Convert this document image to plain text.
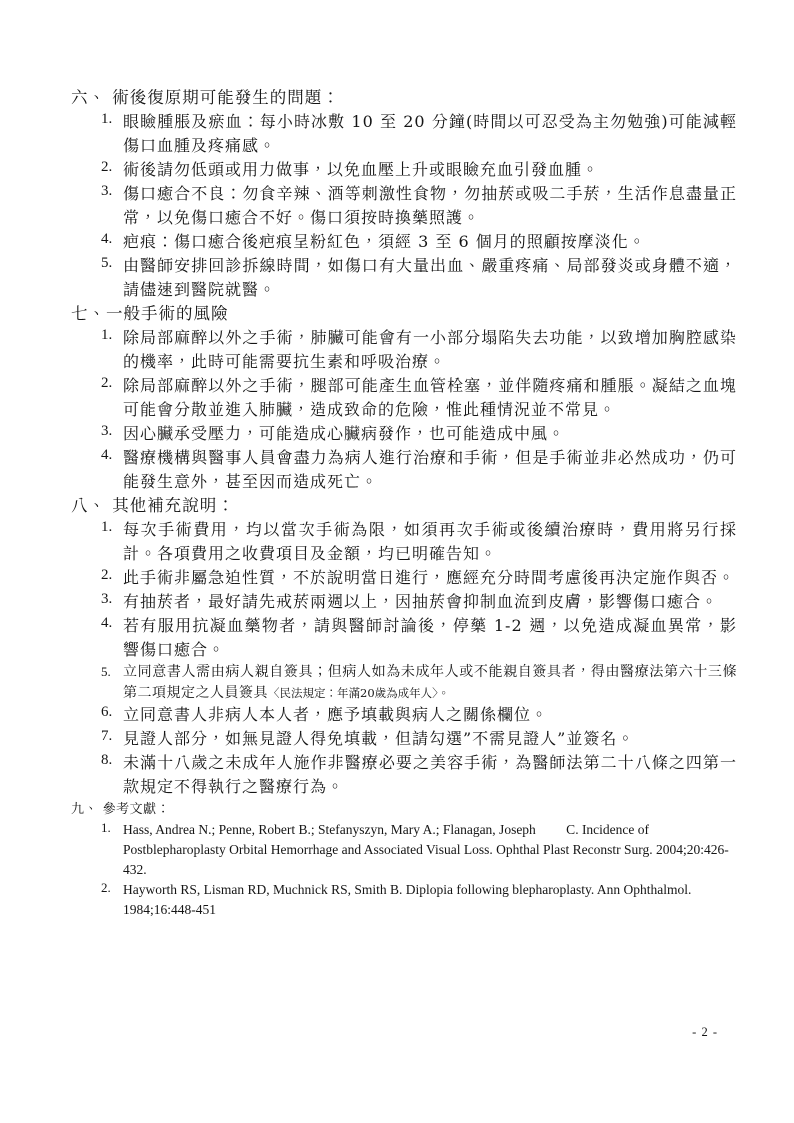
六、 術後復原期可能發生的問題：
1. 眼瞼腫脹及瘀血：每小時冰敷 10 至 20 分鐘(時間以可忍受為主勿勉強)可能減輕傷口血腫及疼痛感。
2. 術後請勿低頭或用力做事，以免血壓上升或眼瞼充血引發血腫。
3. 傷口癒合不良：勿食辛辣、酒等刺激性食物，勿抽菸或吸二手菸，生活作息盡量正常，以免傷口癒合不好。傷口須按時換藥照護。
4. 疤痕：傷口癒合後疤痕呈粉紅色，須經 3 至 6 個月的照顧按摩淡化。
5. 由醫師安排回診拆線時間，如傷口有大量出血、嚴重疼痛、局部發炎或身體不適，請儘速到醫院就醫。
七、一般手術的風險
1. 除局部麻醉以外之手術，肺臟可能會有一小部分塌陷失去功能，以致增加胸腔感染的機率，此時可能需要抗生素和呼吸治療。
2. 除局部麻醉以外之手術，腿部可能產生血管栓塞，並伴隨疼痛和腫脹。凝結之血塊可能會分散並進入肺臟，造成致命的危險，惟此種情況並不常見。
3. 因心臟承受壓力，可能造成心臟病發作，也可能造成中風。
4. 醫療機構與醫事人員會盡力為病人進行治療和手術，但是手術並非必然成功，仍可能發生意外，甚至因而造成死亡。
八、 其他補充說明：
1. 每次手術費用，均以當次手術為限，如須再次手術或後續治療時，費用將另行採計。各項費用之收費項目及金額，均已明確告知。
2. 此手術非屬急迫性質，不於說明當日進行，應經充分時間考慮後再決定施作與否。
3. 有抽菸者，最好請先戒菸兩週以上，因抽菸會抑制血流到皮膚，影響傷口癒合。
4. 若有服用抗凝血藥物者，請與醫師討論後，停藥 1-2 週，以免造成凝血異常，影響傷口癒合。
5. 立同意書人需由病人親自簽具；但病人如為未成年人或不能親自簽具者，得由醫療法第六十三條第二項規定之人員簽具〈民法規定：年滿20歲為成年人〉。
6. 立同意書人非病人本人者，應予填載與病人之關係欄位。
7. 見證人部分，如無見證人得免填載，但請勾選”不需見證人”並簽名。
8. 未滿十八歲之未成年人施作非醫療必要之美容手術，為醫師法第二十八條之四第一款規定不得執行之醫療行為。
九、 參考文獻：
1. Hass, Andrea N.; Penne, Robert B.; Stefanyszyn, Mary A.; Flanagan, Joseph         C. Incidence of Postblepharoplasty Orbital Hemorrhage and Associated Visual Loss. Ophthal Plast Reconstr Surg. 2004;20:426-432.
2. Hayworth RS, Lisman RD, Muchnick RS, Smith B. Diplopia following blepharoplasty. Ann Ophthalmol. 1984;16:448-451
- 2 -
